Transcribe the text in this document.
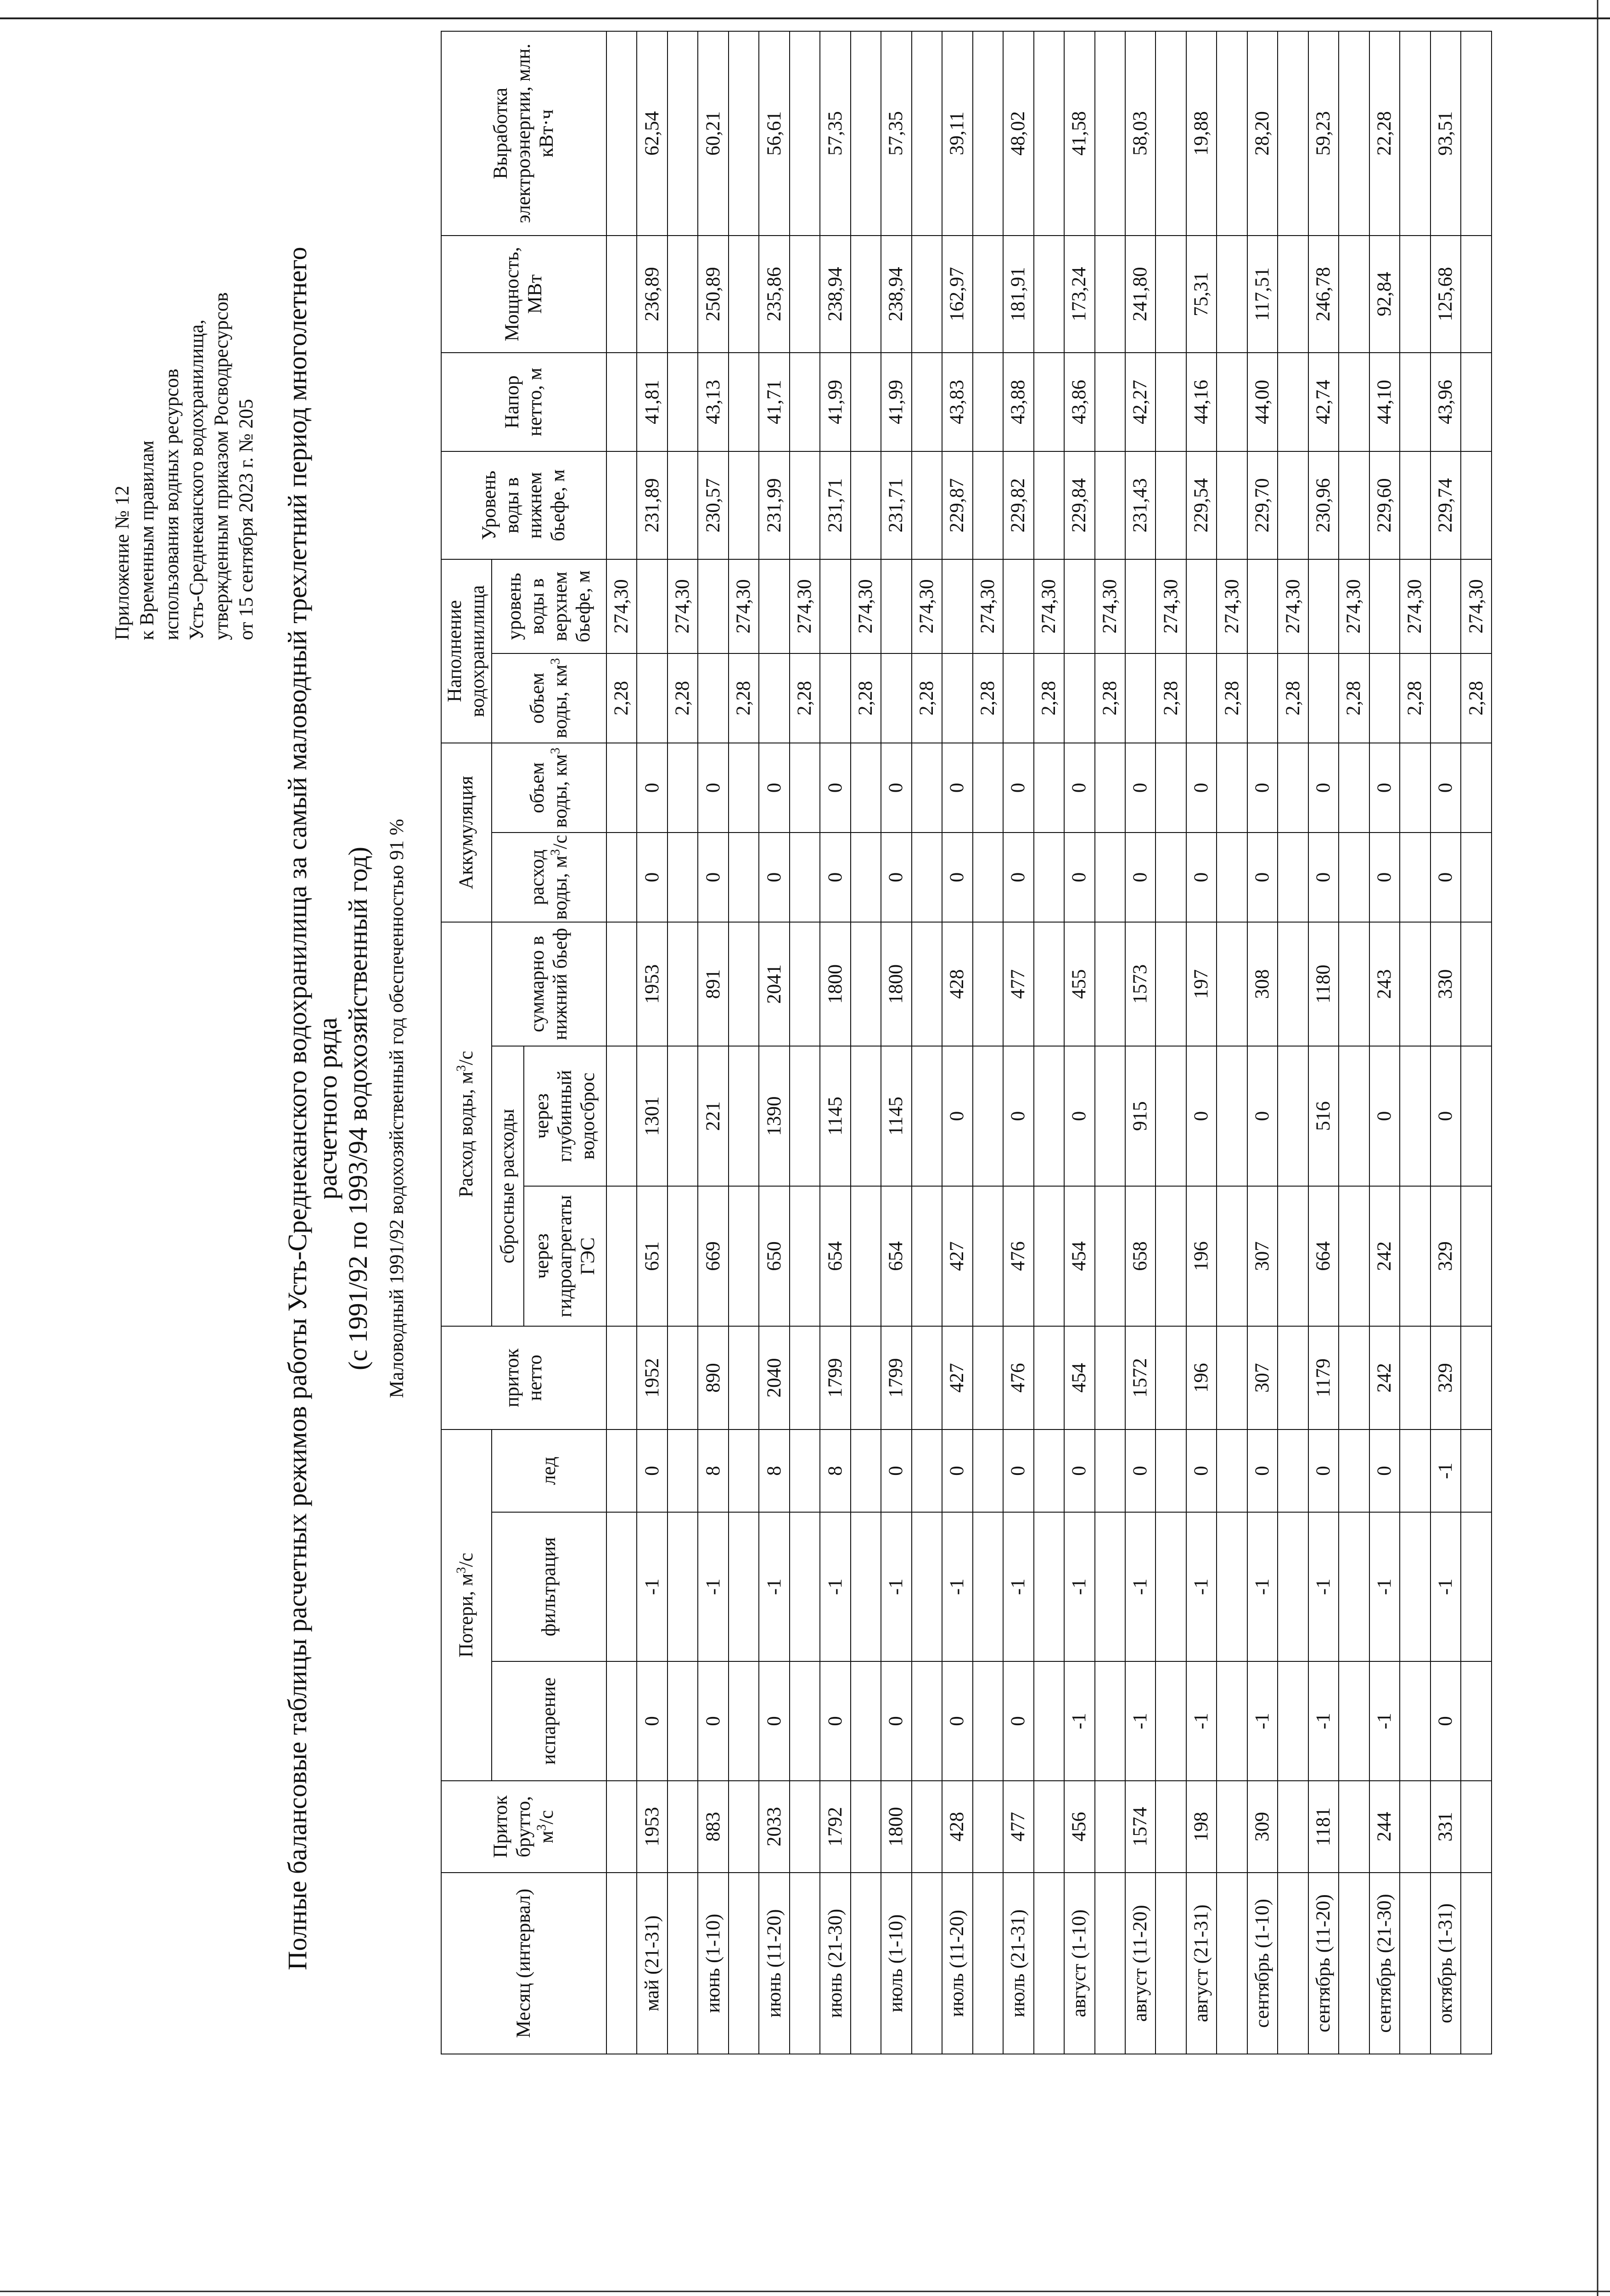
Приложение № 12 к Временным правилам использования водных ресурсов Усть-Среднеканского водохранилища, утвержденным приказом Росводресурсов от 15 сентября 2023 г. № 205 Полные балансовые таблицы расчетных режимов работы Усть-Среднеканского водохранилища за самый маловодный трехлетний период многолетнего расчетного ряда (с 1991/92 по 1993/94 водохозяйственный год) Маловодный 1991/92 водохозяйственный год обеспеченностью 91 %
Месяц (интервал)	Приток брутто, $м^3/с$	Потери, $м^3/с$			приток нетто	Расход воды, $м^3/с$			Аккумуляция		Наполнение водохранилища		Уровень воды в нижнем бьефе, м	Напор нетто, м	Мощность, МВт	Выработка электроэнергии, млн. кВт·ч
		испарение	фильтрация	лед		сбросные расходы		суммарно в нижний бьеф	расход воды, $м^3/с$	объем воды, $км^3$	объем воды, $км^3$	уровень воды в верхнем бьефе, м				
						через гидроагрегаты ГЭС	через глубинный водосброс									
											2,28	274,30				
май (21-31)	1953	0	-1	0	1952	651	1301	1953	0	0			231,89	41,81	236,89	62,54
											2,28	274,30				
июнь (1-10)	883	0	-1	8	890	669	221	891	0	0			230,57	43,13	250,89	60,21
											2,28	274,30				
июнь (11-20)	2033	0	-1	8	2040	650	1390	2041	0	0			231,99	41,71	235,86	56,61
											2,28	274,30				
июнь (21-30)	1792	0	-1	8	1799	654	1145	1800	0	0			231,71	41,99	238,94	57,35
											2,28	274,30				
июль (1-10)	1800	0	-1	0	1799	654	1145	1800	0	0			231,71	41,99	238,94	57,35
											2,28	274,30				
июль (11-20)	428	0	-1	0	427	427	0	428	0	0			229,87	43,83	162,97	39,11
											2,28	274,30				
июль (21-31)	477	0	-1	0	476	476	0	477	0	0			229,82	43,88	181,91	48,02
											2,28	274,30				
август (1-10)	456	-1	-1	0	454	454	0	455	0	0			229,84	43,86	173,24	41,58
											2,28	274,30				
август (11-20)	1574	-1	-1	0	1572	658	915	1573	0	0			231,43	42,27	241,80	58,03
											2,28	274,30				
август (21-31)	198	-1	-1	0	196	196	0	197	0	0			229,54	44,16	75,31	19,88
											2,28	274,30				
сентябрь (1-10)	309	-1	-1	0	307	307	0	308	0	0			229,70	44,00	117,51	28,20
											2,28	274,30				
сентябрь (11-20)	1181	-1	-1	0	1179	664	516	1180	0	0			230,96	42,74	246,78	59,23
											2,28	274,30				
сентябрь (21-30)	244	-1	-1	0	242	242	0	243	0	0			229,60	44,10	92,84	22,28
											2,28	274,30				
октябрь (1-31)	331	0	-1	-1	329	329	0	330	0	0			229,74	43,96	125,68	93,51
											2,28	274,30				
